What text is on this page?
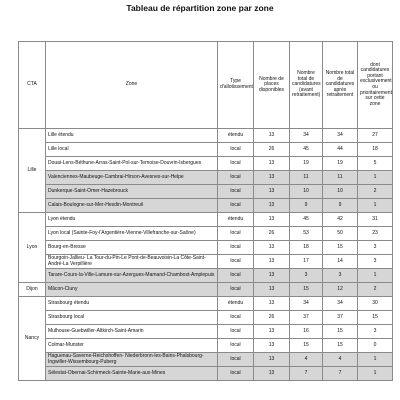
Tableau de répartition zone par zone
CTA	Zone	Type d'allotissement	Nombre de places disponibles	Nombre total de candidatures (avant retraitement)	Nombre total de candidatures après retraitement	dont candidatures portant exclusivement ou prioritairement sur cette zone
Lille	Lille étendu	étendu	13	34	34	27
	Lille local	local	26	45	44	18
	Douai-Lens-Béthune-Arras-Saint-Pol-sur-Ternoise-Douvrin-Isbergues	local	13	19	19	5
	Valenciennes-Maubeuge-Cambrai-Hirson-Avesnes-sur-Helpe	local	13	11	11	1
	Dunkerque-Saint-Omer-Hazebrouck	local	13	10	10	2
	Calais-Boulogne-sur-Mer-Hesdin-Montreuil	local	13	9	9	1
Lyon	Lyon étendu	étendu	13	45	42	31
	Lyon local (Sainte-Foy-l'Argentière-Vienne-Villefranche-sur-Saône)	local	26	53	50	23
	Bourg-en-Bresse	local	13	18	15	3
	Bourgoin-Jallieu- La Tour-du-Pin-Le Pont-de-Beauvoisin-La Côte-Saint-André-La Verpillière	local	13	17	14	3
	Tarare-Cours-la-Ville-Lamure-sur-Azergues-Mamand-Chambost-Amplepuis	local	13	3	3	1
Dijon	Mâcon-Cluny	local	13	15	12	2
Nancy	Strasbourg étendu	étendu	13	34	34	30
	Strasbourg local	local	26	37	37	15
	Mulhouse-Guebwiller-Altkirch-Saint-Amarin	local	13	16	15	3
	Colmar-Munster	local	13	15	15	0
	Haguenau-Saverne-Reichshoffen- Niederbronn-les-Bains-Phalsbourg-Ingwiller-Wissembourg-Puberg	local	13	4	4	1
	Sélestat-Obernai-Schirmeck-Sainte-Marie-aux-Mines	local	13	7	7	1
